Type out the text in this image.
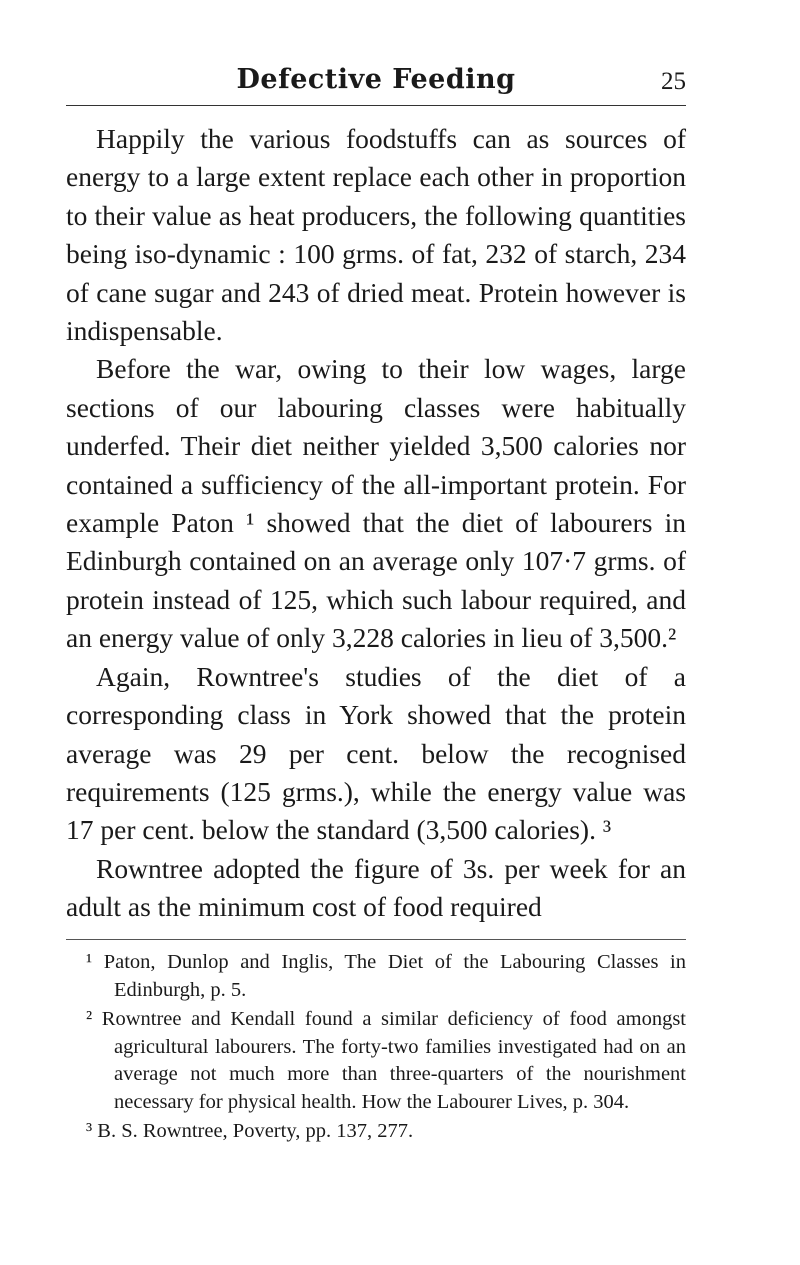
Defective Feeding	25

Happily the various foodstuffs can as sources of energy to a large extent replace each other in proportion to their value as heat producers, the following quantities being iso-dynamic : 100 grms. of fat, 232 of starch, 234 of cane sugar and 243 of dried meat. Protein however is indispensable.

Before the war, owing to their low wages, large sections of our labouring classes were habitually underfed. Their diet neither yielded 3,500 calories nor contained a sufficiency of the all-important protein. For example Paton ¹ showed that the diet of labourers in Edinburgh contained on an average only 107·7 grms. of protein instead of 125, which such labour required, and an energy value of only 3,228 calories in lieu of 3,500.²

Again, Rowntree's studies of the diet of a corresponding class in York showed that the protein average was 29 per cent. below the recognised requirements (125 grms.), while the energy value was 17 per cent. below the standard (3,500 calories). ³

Rowntree adopted the figure of 3s. per week for an adult as the minimum cost of food required

¹ Paton, Dunlop and Inglis, The Diet of the Labouring Classes in Edinburgh, p. 5.

² Rowntree and Kendall found a similar deficiency of food amongst agricultural labourers. The forty-two families investigated had on an average not much more than three-quarters of the nourishment necessary for physical health. How the Labourer Lives, p. 304.

³ B. S. Rowntree, Poverty, pp. 137, 277.
